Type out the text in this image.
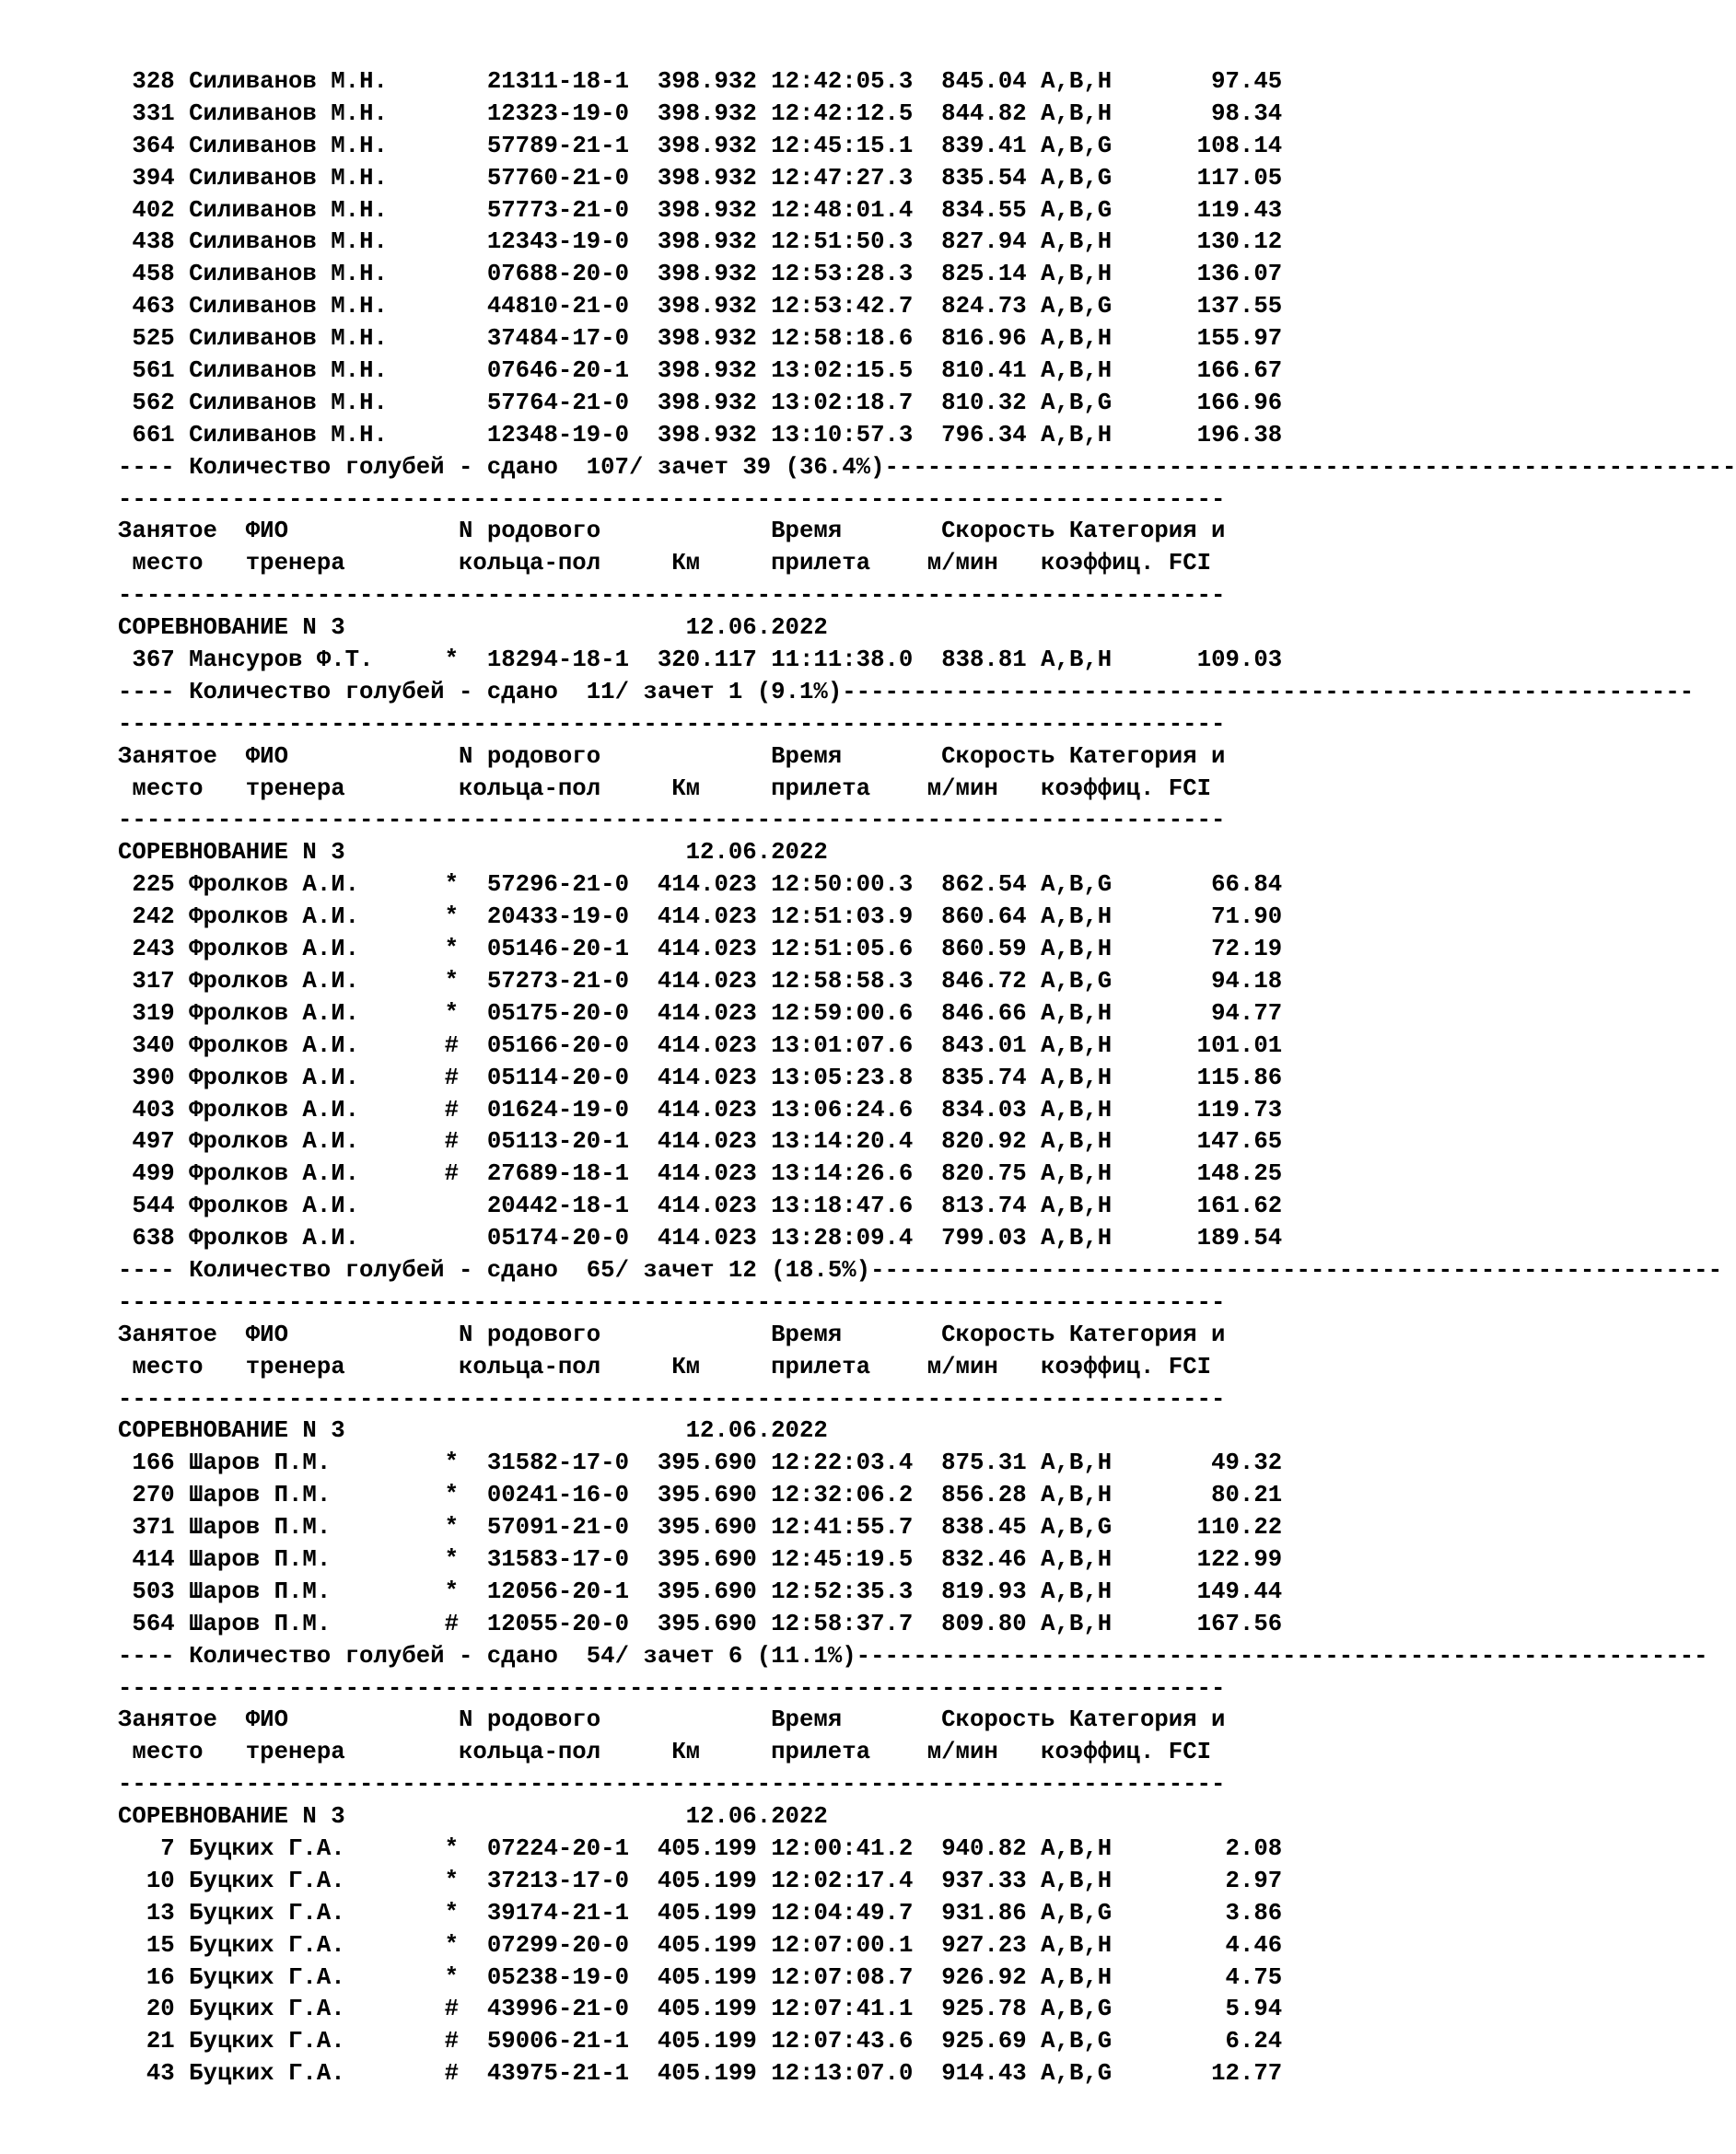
328 Силиванов М.Н.	21311-18-1 398.932 12:42:05.3 845.04 A,B,H	97.45
331 Силиванов М.Н.	12323-19-0 398.932 12:42:12.5 844.82 A,B,H	98.34
364 Силиванов М.Н.	57789-21-1 398.932 12:45:15.1 839.41 A,B,G	108.14
394 Силиванов М.Н.	57760-21-0 398.932 12:47:27.3 835.54 A,B,G	117.05
402 Силиванов М.Н.	57773-21-0 398.932 12:48:01.4 834.55 A,B,G	119.43
438 Силиванов М.Н.	12343-19-0 398.932 12:51:50.3 827.94 A,B,H	130.12
458 Силиванов М.Н.	07688-20-0 398.932 12:53:28.3 825.14 A,B,H	136.07
463 Силиванов М.Н.	44810-21-0 398.932 12:53:42.7 824.73 A,B,G	137.55
525 Силиванов М.Н.	37484-17-0 398.932 12:58:18.6 816.96 A,B,H	155.97
561 Силиванов М.Н.	07646-20-1 398.932 13:02:15.5 810.41 A,B,H	166.67
562 Силиванов М.Н.	57764-21-0 398.932 13:02:18.7 810.32 A,B,G	166.96
661 Силиванов М.Н.	12348-19-0 398.932 13:10:57.3 796.34 A,B,H	196.38
---- Количество голубей - сдано 107/ зачет 39 (36.4%)------------------------------------------------------------
------------------------------------------------------------------------------
Занятое ФИО	N родового	Время	Скорость Категория и
место тренера	кольца-пол	Км	прилета м/мин коэффиц. FCI
------------------------------------------------------------------------------
СОРЕВНОВАНИЕ N 3	12.06.2022
367 Мансуров Ф.Т.	* 18294-18-1 320.117 11:11:38.0 838.81 A,B,H	109.03
---- Количество голубей - сдано 11/ зачет 1 (9.1%)------------------------------------------------------------
------------------------------------------------------------------------------
Занятое ФИО	N родового	Время	Скорость Категория и
место тренера	кольца-пол	Км	прилета м/мин коэффиц. FCI
------------------------------------------------------------------------------
СОРЕВНОВАНИЕ N 3	12.06.2022
225 Фролков А.И.	* 57296-21-0 414.023 12:50:00.3 862.54 A,B,G	66.84
242 Фролков А.И.	* 20433-19-0 414.023 12:51:03.9 860.64 A,B,H	71.90
243 Фролков А.И.	* 05146-20-1 414.023 12:51:05.6 860.59 A,B,H	72.19
317 Фролков А.И.	* 57273-21-0 414.023 12:58:58.3 846.72 A,B,G	94.18
319 Фролков А.И.	* 05175-20-0 414.023 12:59:00.6 846.66 A,B,H	94.77
340 Фролков А.И.	# 05166-20-0 414.023 13:01:07.6 843.01 A,B,H	101.01
390 Фролков А.И.	# 05114-20-0 414.023 13:05:23.8 835.74 A,B,H	115.86
403 Фролков А.И.	# 01624-19-0 414.023 13:06:24.6 834.03 A,B,H	119.73
497 Фролков А.И.	# 05113-20-1 414.023 13:14:20.4 820.92 A,B,H	147.65
499 Фролков А.И.	# 27689-18-1 414.023 13:14:26.6 820.75 A,B,H	148.25
544 Фролков А.И.	20442-18-1 414.023 13:18:47.6 813.74 A,B,H	161.62
638 Фролков А.И.	05174-20-0 414.023 13:28:09.4 799.03 A,B,H	189.54
---- Количество голубей - сдано 65/ зачет 12 (18.5%)------------------------------------------------------------
------------------------------------------------------------------------------
Занятое ФИО	N родового	Время	Скорость Категория и
место тренера	кольца-пол	Км	прилета м/мин коэффиц. FCI
------------------------------------------------------------------------------
СОРЕВНОВАНИЕ N 3	12.06.2022
166 Шаров П.М.	* 31582-17-0 395.690 12:22:03.4 875.31 A,B,H	49.32
270 Шаров П.М.	* 00241-16-0 395.690 12:32:06.2 856.28 A,B,H	80.21
371 Шаров П.М.	* 57091-21-0 395.690 12:41:55.7 838.45 A,B,G	110.22
414 Шаров П.М.	* 31583-17-0 395.690 12:45:19.5 832.46 A,B,H	122.99
503 Шаров П.М.	* 12056-20-1 395.690 12:52:35.3 819.93 A,B,H	149.44
564 Шаров П.М.	# 12055-20-0 395.690 12:58:37.7 809.80 A,B,H	167.56
---- Количество голубей - сдано 54/ зачет 6 (11.1%)------------------------------------------------------------
------------------------------------------------------------------------------
Занятое ФИО	N родового	Время	Скорость Категория и
место тренера	кольца-пол	Км	прилета м/мин коэффиц. FCI
------------------------------------------------------------------------------
СОРЕВНОВАНИЕ N 3	12.06.2022
7 Буцких Г.А.	* 07224-20-1 405.199 12:00:41.2 940.82 A,B,H	2.08
10 Буцких Г.А.	* 37213-17-0 405.199 12:02:17.4 937.33 A,B,H	2.97
13 Буцких Г.А.	* 39174-21-1 405.199 12:04:49.7 931.86 A,B,G	3.86
15 Буцких Г.А.	* 07299-20-0 405.199 12:07:00.1 927.23 A,B,H	4.46
16 Буцких Г.А.	* 05238-19-0 405.199 12:07:08.7 926.92 A,B,H	4.75
20 Буцких Г.А.	# 43996-21-0 405.199 12:07:41.1 925.78 A,B,G	5.94
21 Буцких Г.А.	# 59006-21-1 405.199 12:07:43.6 925.69 A,B,G	6.24
43 Буцких Г.А.	# 43975-21-1 405.199 12:13:07.0 914.43 A,B,G	12.77
